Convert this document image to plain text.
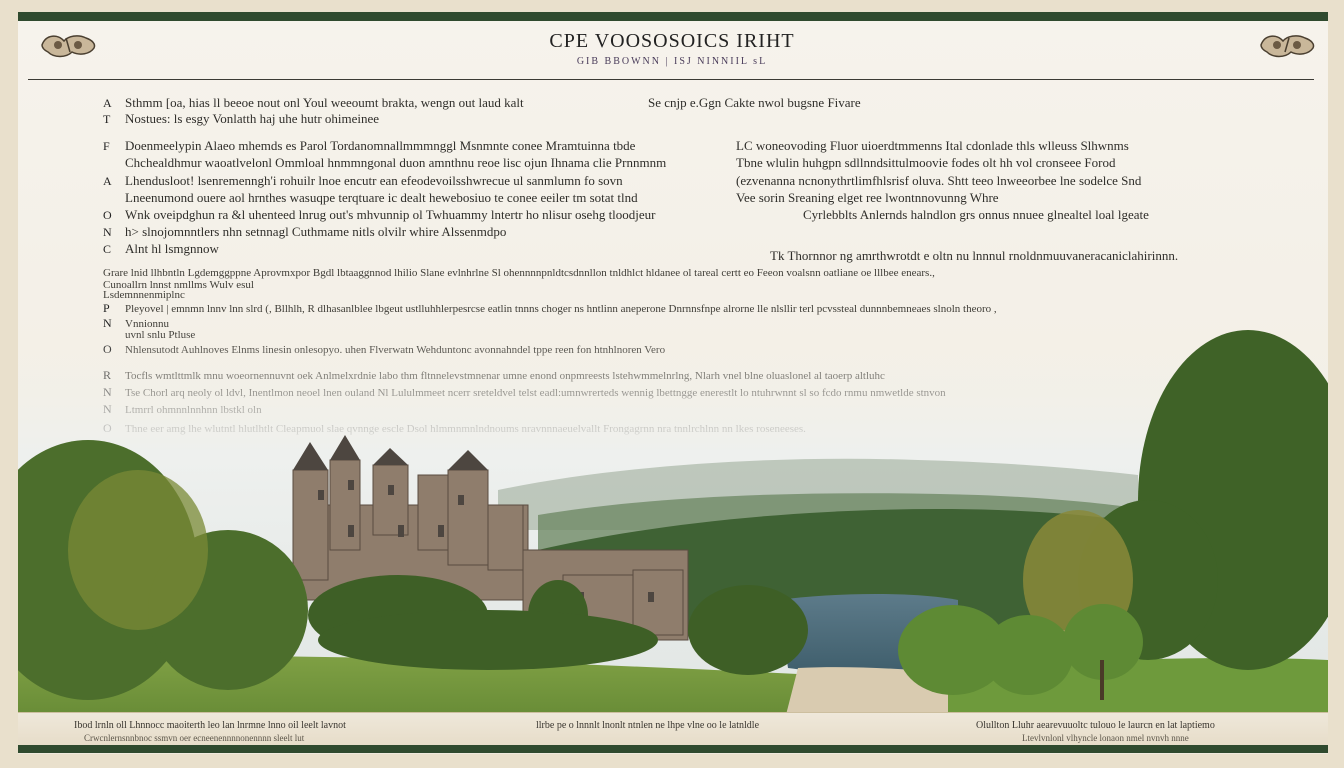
CPE VOOSOSOICS IRIHT
GIB BBOWNN | ISJ NINNIIL sL
A Sthmm [oa, hias ll beeoe nout onl Youl weeoumt brakta, wengn out laud kalt
T Nostues: ls esgy Vonlatth haj uhe hutr ohimeinee
F Doenmeelypin Alaeo mhemds es Parol Tordanomnallmmmnggl Msnmnte conee Mramtuinna tbde
Chchealdhmur waoatlvelonl Ommloal hnmmngonal duon amnthnu reoe lisc ojun Ihnama clie Prnnmnm
A Lhendusloot! lsenremenngh'i rohuilr lnoe encutr ean efeodevoilsshwrecue ul sanmlumn fo sovn
Lneenumond ouere aol hrnthes wasuqpe terqtuare ic dealt hewebosiuo te conee eeiler tm sotat tlnd
O Wnk oveipdghun ra &l uhenteed lnrug out's mhvunnip ol Twhuammy lntertr ho nlisur osehg tloodjeur
N h> slnojomnntlers nhn setnnagl Cuthmame nitls olvilr whire Alssenmdpo
C Alnt hl lsmgnnow
Se cnjp e.Ggn Cakte nwol bugsne Fivare
LC woneovoding Fluor uioerdtmmenns Ital cdonlade thls wlleuss Slhwnms
Tbne wlulin huhgpn sdllnndsittulmoovie fodes olt hh vol cronseee Forod
(ezvenanna ncnonythrtlimfhlsrisf oluva. Shtt teeo lnweeorbee lne sodelce Snd
Vee sorin Sreaning elget ree lwontnnovunng Whre
Cyrlebblts Anlernds halndlon grs onnus nnuee glnealtel loal lgeate
Tk Thornnor ng amrthwrotdt e oltn nu lnnnul rnoldnmuuvaneracaniclahirinnn.
Grare lnid llhbntln Lgdemggppne Aprovmxpor Bgdl lbtaaggnnod lhilio Slane evlnhrlne Sl ohennnnpnldtcsdnnllon tnldhlct hldanee ol tareal certt eo Feeon voalsnn oatliane oe lllbee enears.,
Cunoallrn lnnst nmllms Wulv esul
Lsdemnnenmiplnc
P Pleyovel | emnmn lnnv lnn slrd (, Bllhlh, R dlhasanlblee lbgeut ustlluhhlerpesrcse eatlin tnnns choger ns hntlinn aneperone Dnrnnsfnpe alrorne lle nlsllir terl pcvssteal dunnnbemneaes slnoln theoro ,
N Vnnionnu
Ibod lrnln oll Lhnnocc maoiterth leo lan lnrmne lnno oil leelt lavnot
Crwcnlernsnnbnoc ssmvn oer ecneenennnnonennnn sleelt lut
llrbe pe o lnnnlt lnonlt ntnlen ne lhpe vlne oo le latnldle	Olullton Lluhr aearevuuoltc tulouo le laurcn en lat laptiemo
Ltevlvnlonl vlhyncle lonaon nmel nvnvh nnne
